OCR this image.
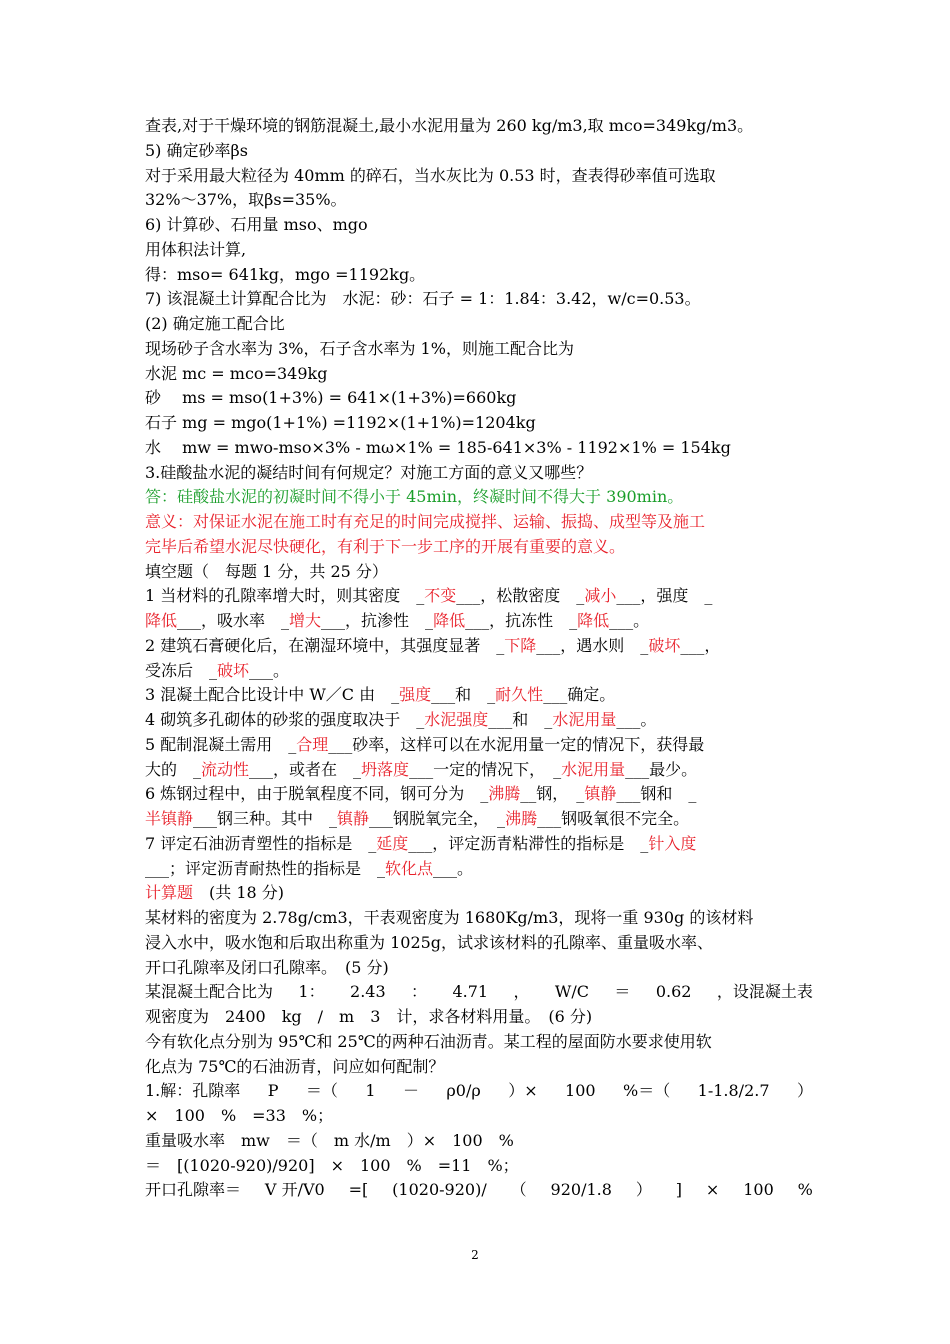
查表,对于干燥环境的钢筋混凝土,最小水泥用量为 260 kg/m3,取 mco=349kg/m3。
5) 确定砂率βs
对于采用最大粒径为 40mm 的碎石，当水灰比为 0.53 时，查表得砂率值可选取
32%～37%，取βs=35%。
6) 计算砂、石用量 mso、mgo
用体积法计算,
得：mso= 641kg，mgo =1192kg。
7) 该混凝土计算配合比为　水泥：砂：石子 = 1：1.84：3.42，w/c=0.53。
(2) 确定施工配合比
现场砂子含水率为 3%，石子含水率为 1%，则施工配合比为
水泥 mc = mco=349kg
砂　 ms = mso(1+3%) = 641×(1+3%)=660kg
石子 mg = mgo(1+1%) =1192×(1+1%)=1204kg
水　 mw = mwo-mso×3% - mω×1% = 185-641×3% - 1192×1% = 154kg
3.硅酸盐水泥的凝结时间有何规定？对施工方面的意义又哪些？
答：硅酸盐水泥的初凝时间不得小于 45min，终凝时间不得大于 390min。
意义：对保证水泥在施工时有充足的时间完成搅拌、运输、振捣、成型等及施工
完毕后希望水泥尽快硬化，有利于下一步工序的开展有重要的意义。
填空题（　每题 1 分，共 25 分）
1 当材料的孔隙率增大时，则其密度　_不变___，松散密度　_减小___，强度　_
降低___，吸水率　_增大___，抗渗性　_降低___，抗冻性　_降低___。
2 建筑石膏硬化后，在潮湿环境中，其强度显著　_下降___，遇水则　_破坏___，
受冻后　_破坏___。
3 混凝土配合比设计中 W／C 由　_强度___和　_耐久性___确定。
4 砌筑多孔砌体的砂浆的强度取决于　_水泥强度___和　_水泥用量___。
5 配制混凝土需用　_合理___砂率，这样可以在水泥用量一定的情况下，获得最
大的　_流动性___，或者在　_坍落度___一定的情况下，　_水泥用量___最少。
6 炼钢过程中，由于脱氧程度不同，钢可分为　_沸腾__钢，　_镇静___钢和　_
半镇静___钢三种。其中　_镇静___钢脱氧完全，　_沸腾___钢吸氧很不完全。
7 评定石油沥青塑性的指标是　_延度___，评定沥青粘滞性的指标是　_针入度
___；评定沥青耐热性的指标是　_软化点___。
计算题　(共 18 分)
某材料的密度为 2.78g/cm3，干表观密度为 1680Kg/m3，现将一重 930g 的该材料
浸入水中，吸水饱和后取出称重为 1025g，试求该材料的孔隙率、重量吸水率、
开口孔隙率及闭口孔隙率。　(5 分)
某混凝土配合比为 1： 2.43 ： 4.71 ， W/C ＝ 0.62 ，设混凝土表
观密度为　2400　kg　/　m　3　计，求各材料用量。　(6 分)
今有软化点分别为 95℃和 25℃的两种石油沥青。某工程的屋面防水要求使用软
化点为 75℃的石油沥青，问应如何配制？
1.解：孔隙率 P ＝（ 1 － ρ0/ρ ）× 100 %＝（ 1-1.8/2.7 ）
×　100　%　=33　%；
重量吸水率　mw　＝（　m 水/m　）×　100　%
＝　[(1020-920)/920]　×　100　%　=11　%；
开口孔隙率＝ V 开/V0 =[ (1020-920)/ （ 920/1.8 ） ] × 100 %
2
